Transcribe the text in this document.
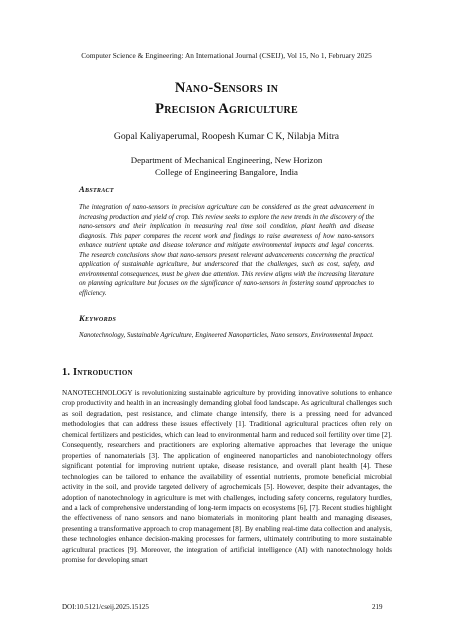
Computer Science & Engineering: An International Journal (CSEIJ), Vol 15, No 1, February 2025
Nano-Sensors in
Precision Agriculture
Gopal Kaliyaperumal, Roopesh Kumar C K, Nilabja Mitra
Department of Mechanical Engineering, New Horizon
College of Engineering Bangalore, India
Abstract
The integration of nano-sensors in precision agriculture can be considered as the great advancement in increasing production and yield of crop. This review seeks to explore the new trends in the discovery of the nano-sensors and their implication in measuring real time soil condition, plant health and disease diagnosis. This paper compares the recent work and findings to raise awareness of how nano-sensors enhance nutrient uptake and disease tolerance and mitigate environmental impacts and legal concerns. The research conclusions show that nano-sensors present relevant advancements concerning the practical application of sustainable agriculture, but underscored that the challenges, such as cost, safety, and environmental consequences, must be given due attention. This review aligns with the increasing literature on planning agriculture but focuses on the significance of nano-sensors in fostering sound approaches to efficiency.
Keywords
Nanotechnology, Sustainable Agriculture, Engineered Nanoparticles, Nano sensors, Environmental Impact.
1. Introduction
NANOTECHNOLOGY is revolutionizing sustainable agriculture by providing innovative solutions to enhance crop productivity and health in an increasingly demanding global food landscape. As agricultural challenges such as soil degradation, pest resistance, and climate change intensify, there is a pressing need for advanced methodologies that can address these issues effectively [1]. Traditional agricultural practices often rely on chemical fertilizers and pesticides, which can lead to environmental harm and reduced soil fertility over time [2]. Consequently, researchers and practitioners are exploring alternative approaches that leverage the unique properties of nanomaterials [3]. The application of engineered nanoparticles and nanobiotechnology offers significant potential for improving nutrient uptake, disease resistance, and overall plant health [4]. These technologies can be tailored to enhance the availability of essential nutrients, promote beneficial microbial activity in the soil, and provide targeted delivery of agrochemicals [5]. However, despite their advantages, the adoption of nanotechnology in agriculture is met with challenges, including safety concerns, regulatory hurdles, and a lack of comprehensive understanding of long-term impacts on ecosystems [6], [7]. Recent studies highlight the effectiveness of nano sensors and nano biomaterials in monitoring plant health and managing diseases, presenting a transformative approach to crop management [8]. By enabling real-time data collection and analysis, these technologies enhance decision-making processes for farmers, ultimately contributing to more sustainable agricultural practices [9]. Moreover, the integration of artificial intelligence (AI) with nanotechnology holds promise for developing smart
DOI:10.5121/cseij.2025.15125	219
